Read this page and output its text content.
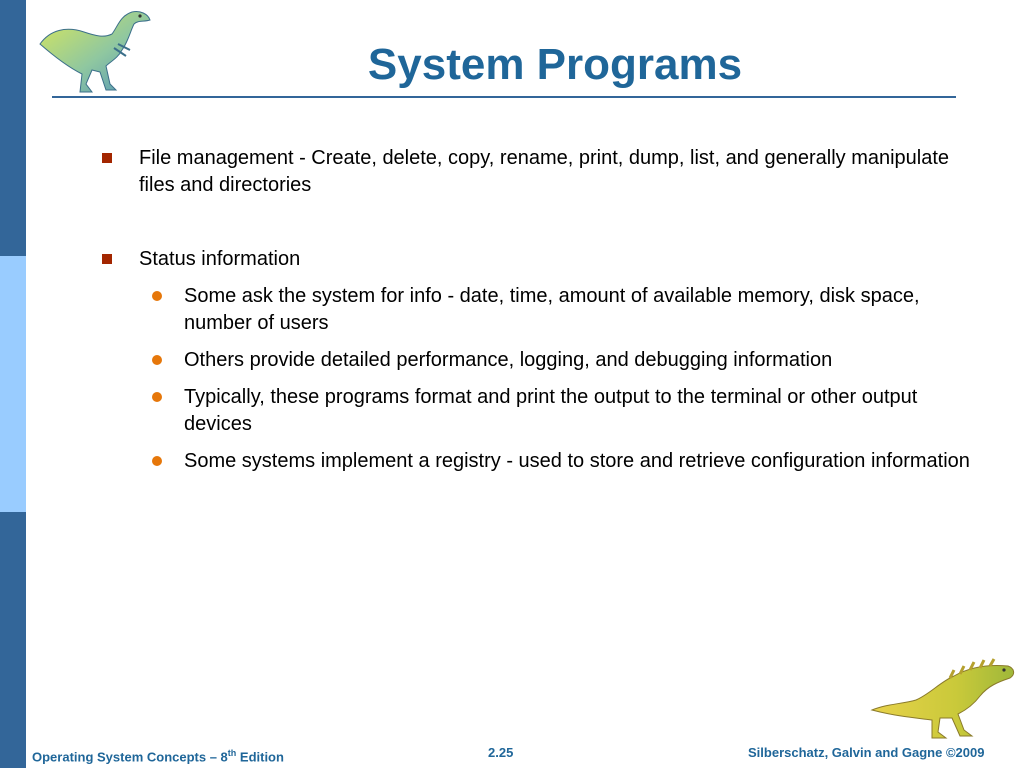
System Programs
File management - Create, delete, copy, rename, print, dump, list, and generally manipulate files and directories
Status information
Some ask the system for info - date, time, amount of available memory, disk space, number of users
Others provide detailed performance, logging, and debugging information
Typically, these programs format and print the output to the terminal or other output devices
Some systems implement a registry - used to store and retrieve configuration information
Operating System Concepts – 8th Edition	2.25	Silberschatz, Galvin and Gagne ©2009
